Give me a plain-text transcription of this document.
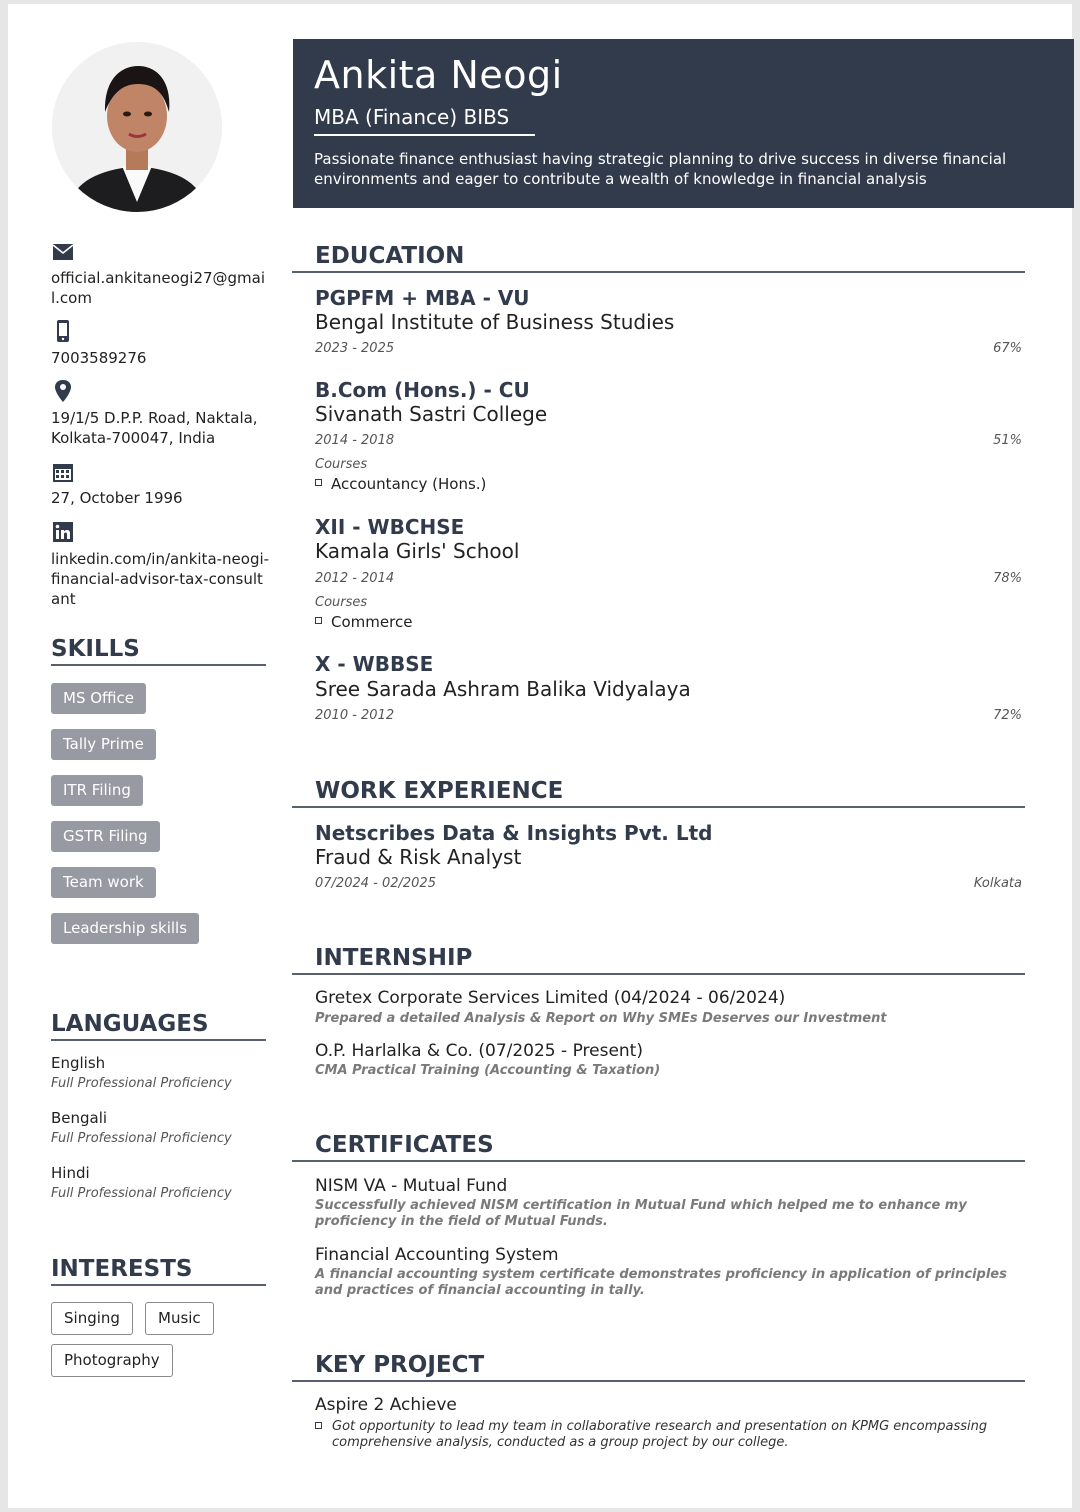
Ankita Neogi
MBA (Finance) BIBS
Passionate finance enthusiast having strategic planning to drive success in diverse financial environments and eager to contribute a wealth of knowledge in financial analysis
official.ankitaneogi27@gmail.com
7003589276
19/1/5 D.P.P. Road, Naktala, Kolkata-700047, India
27, October 1996
linkedin.com/in/ankita-neogi-financial-advisor-tax-consultant
SKILLS
MS Office
Tally Prime
ITR Filing
GSTR Filing
Team work
Leadership skills
LANGUAGES
English
Full Professional Proficiency
Bengali
Full Professional Proficiency
Hindi
Full Professional Proficiency
INTERESTS
Singing	Music
Photography
EDUCATION
PGPFM + MBA - VU
Bengal Institute of Business Studies
2023 - 2025	67%
B.Com (Hons.) - CU
Sivanath Sastri College
2014 - 2018	51%
Courses
Accountancy (Hons.)
XII - WBCHSE
Kamala Girls' School
2012 - 2014	78%
Courses
Commerce
X - WBBSE
Sree Sarada Ashram Balika Vidyalaya
2010 - 2012	72%
WORK EXPERIENCE
Netscribes Data & Insights Pvt. Ltd
Fraud & Risk Analyst
07/2024 - 02/2025	Kolkata
INTERNSHIP
Gretex Corporate Services Limited (04/2024 - 06/2024)
Prepared a detailed Analysis & Report on Why SMEs Deserves our Investment
O.P. Harlalka & Co. (07/2025 - Present)
CMA Practical Training (Accounting & Taxation)
CERTIFICATES
NISM VA - Mutual Fund
Successfully achieved NISM certification in Mutual Fund which helped me to enhance my proficiency in the field of Mutual Funds.
Financial Accounting System
A financial accounting system certificate demonstrates proficiency in application of principles and practices of financial accounting in tally.
KEY PROJECT
Aspire 2 Achieve
Got opportunity to lead my team in collaborative research and presentation on KPMG encompassing comprehensive analysis, conducted as a group project by our college.
